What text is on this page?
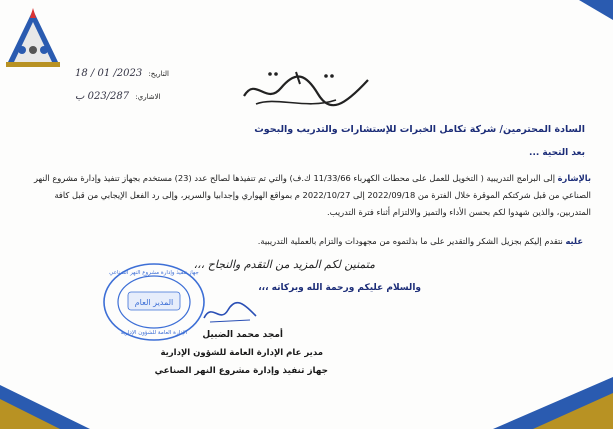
التاريخ: 2023/ 01 / 18
الاشاري: 023/287 ب
السادة المحترمين/ شركة تكامل الخبرات للإستشارات والتدريب والبحوث
بعد التحية ...
بالإشارة إلى البرامج التدريبية ( التخويل للعمل على محطات الكهرباء 11/33/66 ك.ف) والتي تم تنفيذها لصالح عدد (23) مستخدم بجهاز تنفيذ وإدارة مشروع النهر الصناعي من قبل شركتكم الموقرة خلال الفترة من 2022/09/18 إلى 2022/10/27 م بمواقع الهواري وإجدابيا والسرير، وإلى رد الفعل الإيجابي من قبل كافة المتدربين، والذين شهدوا لكم بحسن الأداء والتميز والالتزام أثناء فترة التدريب.
عليه نتقدم إليكم بجزيل الشكر والتقدير على ما بذلتموه من مجهودات والتزام بالعملية التدريبية.
متمنين لكم المزيد من التقدم والنجاح ،،،
والسلام عليكم ورحمة الله وبركاته ،،،
المدير العام
جهاز تنفيذ وإدارة مشروع النهر الصناعي
الإدارة العامة للشؤون الإدارية أمجد محمد الضبيل
مدير عام الإدارة العامة للشؤون الإدارية
جهاز تنفيذ وإدارة مشروع النهر الصناعي
